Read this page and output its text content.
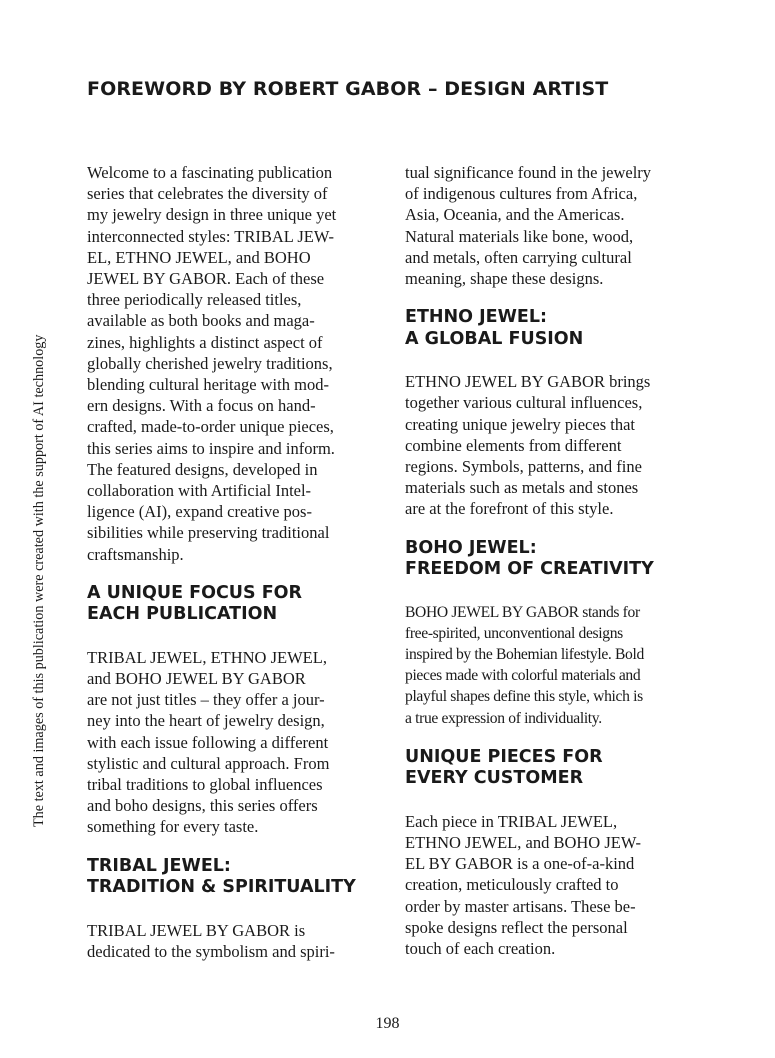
FOREWORD BY ROBERT GABOR – DESIGN ARTIST
The text and images of this publication were created with the support of AI technology

Welcome to a fascinating publication
series that celebrates the diversity of
my jewelry design in three unique yet
interconnected styles: TRIBAL JEW-
EL, ETHNO JEWEL, and BOHO
JEWEL BY GABOR. Each of these
three periodically released titles,
available as both books and maga-
zines, highlights a distinct aspect of
globally cherished jewelry traditions,
blending cultural heritage with mod-
ern designs. With a focus on hand-
crafted, made-to-order unique pieces,
this series aims to inspire and inform.
The featured designs, developed in
collaboration with Artificial Intel-
ligence (AI), expand creative pos-
sibilities while preserving traditional
craftsmanship.

A UNIQUE FOCUS FOR
EACH PUBLICATION

TRIBAL JEWEL, ETHNO JEWEL,
and BOHO JEWEL BY GABOR
are not just titles – they offer a jour-
ney into the heart of jewelry design,
with each issue following a different
stylistic and cultural approach. From
tribal traditions to global influences
and boho designs, this series offers
something for every taste.

TRIBAL JEWEL:
TRADITION & SPIRITUALITY

TRIBAL JEWEL BY GABOR is
dedicated to the symbolism and spiri-

tual significance found in the jewelry
of indigenous cultures from Africa,
Asia, Oceania, and the Americas.
Natural materials like bone, wood,
and metals, often carrying cultural
meaning, shape these designs.

ETHNO JEWEL:
A GLOBAL FUSION

ETHNO JEWEL BY GABOR brings
together various cultural influences,
creating unique jewelry pieces that
combine elements from different
regions. Symbols, patterns, and fine
materials such as metals and stones
are at the forefront of this style.

BOHO JEWEL:
FREEDOM OF CREATIVITY

BOHO JEWEL BY GABOR stands for
free-spirited, unconventional designs
inspired by the Bohemian lifestyle. Bold
pieces made with colorful materials and
playful shapes define this style, which is
a true expression of individuality.

UNIQUE PIECES FOR
EVERY CUSTOMER

Each piece in TRIBAL JEWEL,
ETHNO JEWEL, and BOHO JEW-
EL BY GABOR is a one-of-a-kind
creation, meticulously crafted to
order by master artisans. These be-
spoke designs reflect the personal
touch of each creation.

198
